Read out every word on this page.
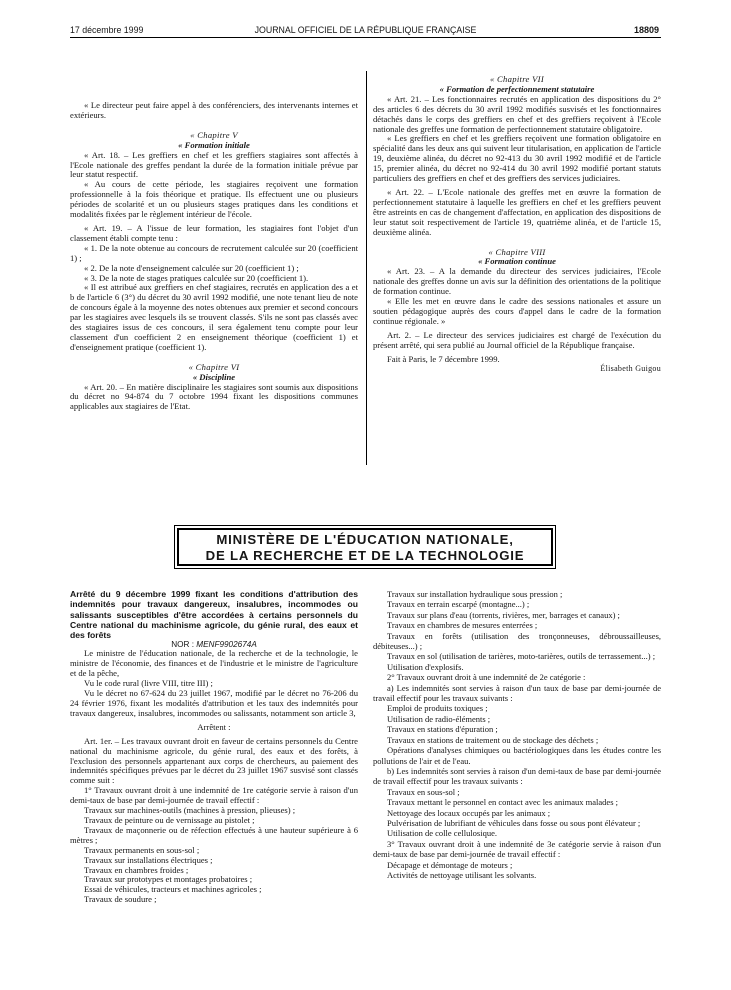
17 décembre 1999	JOURNAL OFFICIEL DE LA RÉPUBLIQUE FRANÇAISE	18809

« Le directeur peut faire appel à des conférenciers, des intervenants internes et extérieurs.

« Chapitre V

« Formation initiale

« Art. 18. – Les greffiers en chef et les greffiers stagiaires sont affectés à l'Ecole nationale des greffes pendant la durée de la formation initiale prévue par leur statut respectif.

« Au cours de cette période, les stagiaires reçoivent une formation professionnelle à la fois théorique et pratique. Ils effectuent une ou plusieurs périodes de scolarité et un ou plusieurs stages pratiques dans les conditions et modalités fixées par le règlement intérieur de l'école.

« Art. 19. – A l'issue de leur formation, les stagiaires font l'objet d'un classement établi compte tenu :

« 1. De la note obtenue au concours de recrutement calculée sur 20 (coefficient 1) ;

« 2. De la note d'enseignement calculée sur 20 (coefficient 1) ;

« 3. De la note de stages pratiques calculée sur 20 (coefficient 1).

« Il est attribué aux greffiers en chef stagiaires, recrutés en application des a et b de l'article 6 (3°) du décret du 30 avril 1992 modifié, une note tenant lieu de note de concours égale à la moyenne des notes obtenues aux premier et second concours par les stagiaires avec lesquels ils se trouvent classés. S'ils ne sont pas classés avec des stagiaires issus de ces concours, il sera également tenu compte pour leur classement d'un coefficient 2 en enseignement théorique (coefficient 1) et d'enseignement pratique (coefficient 1).

« Chapitre VI

« Discipline

« Art. 20. – En matière disciplinaire les stagiaires sont soumis aux dispositions du décret no 94-874 du 7 octobre 1994 fixant les dispositions communes applicables aux stagiaires de l'Etat.

« Chapitre VII

« Formation de perfectionnement statutaire

« Art. 21. – Les fonctionnaires recrutés en application des dispositions du 2° des articles 6 des décrets du 30 avril 1992 modifiés susvisés et les fonctionnaires détachés dans le corps des greffiers en chef et des greffiers reçoivent à l'Ecole nationale des greffes une formation de perfectionnement statutaire obligatoire.

« Les greffiers en chef et les greffiers reçoivent une formation obligatoire en spécialité dans les deux ans qui suivent leur titularisation, en application de l'article 19, deuxième alinéa, du décret no 92-413 du 30 avril 1992 modifié et de l'article 15, premier alinéa, du décret no 92-414 du 30 avril 1992 modifié portant statuts particuliers des greffiers en chef et des greffiers des services judiciaires.

« Art. 22. – L'Ecole nationale des greffes met en œuvre la formation de perfectionnement statutaire à laquelle les greffiers en chef et les greffiers peuvent être astreints en cas de changement d'affectation, en application des dispositions de leur statut soit respectivement de l'article 19, quatrième alinéa, et de l'article 15, deuxième alinéa.

« Chapitre VIII

« Formation continue

« Art. 23. – A la demande du directeur des services judiciaires, l'Ecole nationale des greffes donne un avis sur la définition des orientations de la politique de formation continue.

« Elle les met en œuvre dans le cadre des sessions nationales et assure un soutien pédagogique auprès des cours d'appel dans le cadre de la formation continue régionale. »

Art. 2. – Le directeur des services judiciaires est chargé de l'exécution du présent arrêté, qui sera publié au Journal officiel de la République française.

Fait à Paris, le 7 décembre 1999.

Élisabeth Guigou

MINISTÈRE DE L'ÉDUCATION NATIONALE,
DE LA RECHERCHE ET DE LA TECHNOLOGIE

Arrêté du 9 décembre 1999 fixant les conditions d'attribution des indemnités pour travaux dangereux, insalubres, incommodes ou salissants susceptibles d'être accordées à certains personnels du Centre national du machinisme agricole, du génie rural, des eaux et des forêts

NOR : MENF9902674A

Le ministre de l'éducation nationale, de la recherche et de la technologie, le ministre de l'économie, des finances et de l'industrie et le ministre de l'agriculture et de la pêche,

Vu le code rural (livre VIII, titre III) ;

Vu le décret no 67-624 du 23 juillet 1967, modifié par le décret no 76-206 du 24 février 1976, fixant les modalités d'attribution et les taux des indemnités pour travaux dangereux, insalubres, incommodes ou salissants, notamment son article 3,

Arrêtent :

Art. 1er. – Les travaux ouvrant droit en faveur de certains personnels du Centre national du machinisme agricole, du génie rural, des eaux et des forêts, à l'exclusion des personnels appartenant aux corps de chercheurs, au paiement des indemnités spécifiques prévues par le décret du 23 juillet 1967 susvisé sont classés comme suit :

1° Travaux ouvrant droit à une indemnité de 1re catégorie servie à raison d'un demi-taux de base par demi-journée de travail effectif :

Travaux sur machines-outils (machines à pression, plieuses) ;

Travaux de peinture ou de vernissage au pistolet ;

Travaux de maçonnerie ou de réfection effectués à une hauteur supérieure à 6 mètres ;

Travaux permanents en sous-sol ;

Travaux sur installations électriques ;

Travaux en chambres froides ;

Travaux sur prototypes et montages probatoires ;

Essai de véhicules, tracteurs et machines agricoles ;

Travaux de soudure ;

Travaux sur installation hydraulique sous pression ;

Travaux en terrain escarpé (montagne...) ;

Travaux sur plans d'eau (torrents, rivières, mer, barrages et canaux) ;

Travaux en chambres de mesures enterrées ;

Travaux en forêts (utilisation des tronçonneuses, débroussailleuses, débiteuses...) ;

Travaux en sol (utilisation de tarières, moto-tarières, outils de terrassement...) ;

Utilisation d'explosifs.

2° Travaux ouvrant droit à une indemnité de 2e catégorie :

a) Les indemnités sont servies à raison d'un taux de base par demi-journée de travail effectif pour les travaux suivants :

Emploi de produits toxiques ;

Utilisation de radio-éléments ;

Travaux en stations d'épuration ;

Travaux en stations de traitement ou de stockage des déchets ;

Opérations d'analyses chimiques ou bactériologiques dans les études contre les pollutions de l'air et de l'eau.

b) Les indemnités sont servies à raison d'un demi-taux de base par demi-journée de travail effectif pour les travaux suivants :

Travaux en sous-sol ;

Travaux mettant le personnel en contact avec les animaux malades ;

Nettoyage des locaux occupés par les animaux ;

Pulvérisation de lubrifiant de véhicules dans fosse ou sous pont élévateur ;

Utilisation de colle cellulosique.

3° Travaux ouvrant droit à une indemnité de 3e catégorie servie à raison d'un demi-taux de base par demi-journée de travail effectif :

Décapage et démontage de moteurs ;

Activités de nettoyage utilisant les solvants.
